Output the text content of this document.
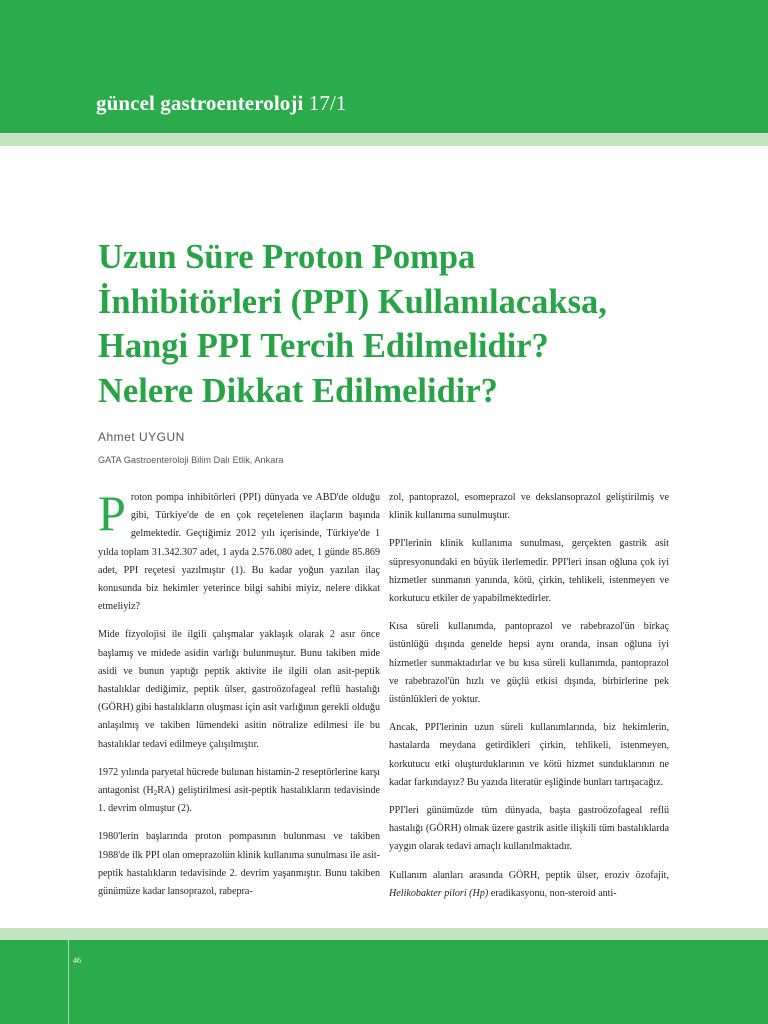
güncel gastroenteroloji 17/1

Uzun Süre Proton Pompa
İnhibitörleri (PPI) Kullanılacaksa,
Hangi PPI Tercih Edilmelidir?
Nelere Dikkat Edilmelidir?

Ahmet UYGUN

GATA Gastroenteroloji Bilim Dalı Etlik, Ankara

Proton pompa inhibitörleri (PPI) dünyada ve ABD'de olduğu gibi, Türkiye'de de en çok reçetelenen ilaçların başında gelmektedir. Geçtiğimiz 2012 yılı içerisinde, Türkiye'de 1 yılda toplam 31.342.307 adet, 1 ayda 2.576.080 adet, 1 günde 85.869 adet, PPI reçetesi yazılmıştır (1). Bu kadar yoğun yazılan ilaç konusunda biz hekimler yeterince bilgi sahibi miyiz, nelere dikkat etmeliyiz?

Mide fizyolojisi ile ilgili çalışmalar yaklaşık olarak 2 asır önce başlamış ve midede asidin varlığı bulunmuştur. Bunu takiben mide asidi ve bunun yaptığı peptik aktivite ile ilgili olan asit-peptik hastalıklar dediğimiz, peptik ülser, gastroözofageal reflü hastalığı (GÖRH) gibi hastalıkların oluşması için asit varlığının gerekli olduğu anlaşılmış ve takiben lümendeki asitin nötralize edilmesi ile bu hastalıklar tedavi edilmeye çalışılmıştır.

1972 yılında paryetal hücrede bulunan histamin-2 reseptörlerine karşı antagonist $(H_2RA)$ geliştirilmesi asit-peptik hastalıkların tedavisinde 1. devrim olmuştur (2).

1980'lerin başlarında proton pompasının bulunması ve takiben 1988'de ilk PPI olan omeprazolün klinik kullanıma sunulması ile asit-peptik hastalıkların tedavisinde 2. devrim yaşanmıştır. Bunu takiben günümüze kadar lansoprazol, rabepra-

zol, pantoprazol, esomeprazol ve dekslansoprazol geliştirilmiş ve klinik kullanıma sunulmuştur.

PPI'lerinin klinik kullanıma sunulması, gerçekten gastrik asit süpresyonundaki en büyük ilerlemedir. PPI'leri insan oğluna çok iyi hizmetler sunmanın yanında, kötü, çirkin, tehlikeli, istenmeyen ve korkutucu etkiler de yapabilmektedirler.

Kısa süreli kullanımda, pantoprazol ve rabebrazol'ün birkaç üstünlüğü dışında genelde hepsi aynı oranda, insan oğluna iyi hizmetler sunmaktadırlar ve bu kısa süreli kullanımda, pantoprazol ve rabebrazol'ün hızlı ve güçlü etkisi dışında, birbirlerine pek üstünlükleri de yoktur.

Ancak, PPI'lerinin uzun süreli kullanımlarında, biz hekimlerin, hastalarda meydana getirdikleri çirkin, tehlikeli, istenmeyen, korkutucu etki oluşturduklarının ve kötü hizmet sunduklarının ne kadar farkındayız? Bu yazıda literatür eşliğinde bunları tartışacağız.

PPI'leri günümüzde tüm dünyada, başta gastroözofageal reflü hastalığı (GÖRH) olmak üzere gastrik asitle ilişkili tüm hastalıklarda yaygın olarak tedavi amaçlı kullanılmaktadır.

Kullanım alanları arasında GÖRH, peptik ülser, eroziv özofajit, Helikobakter pilori (Hp) eradikasyonu, non-steroid anti-

46
